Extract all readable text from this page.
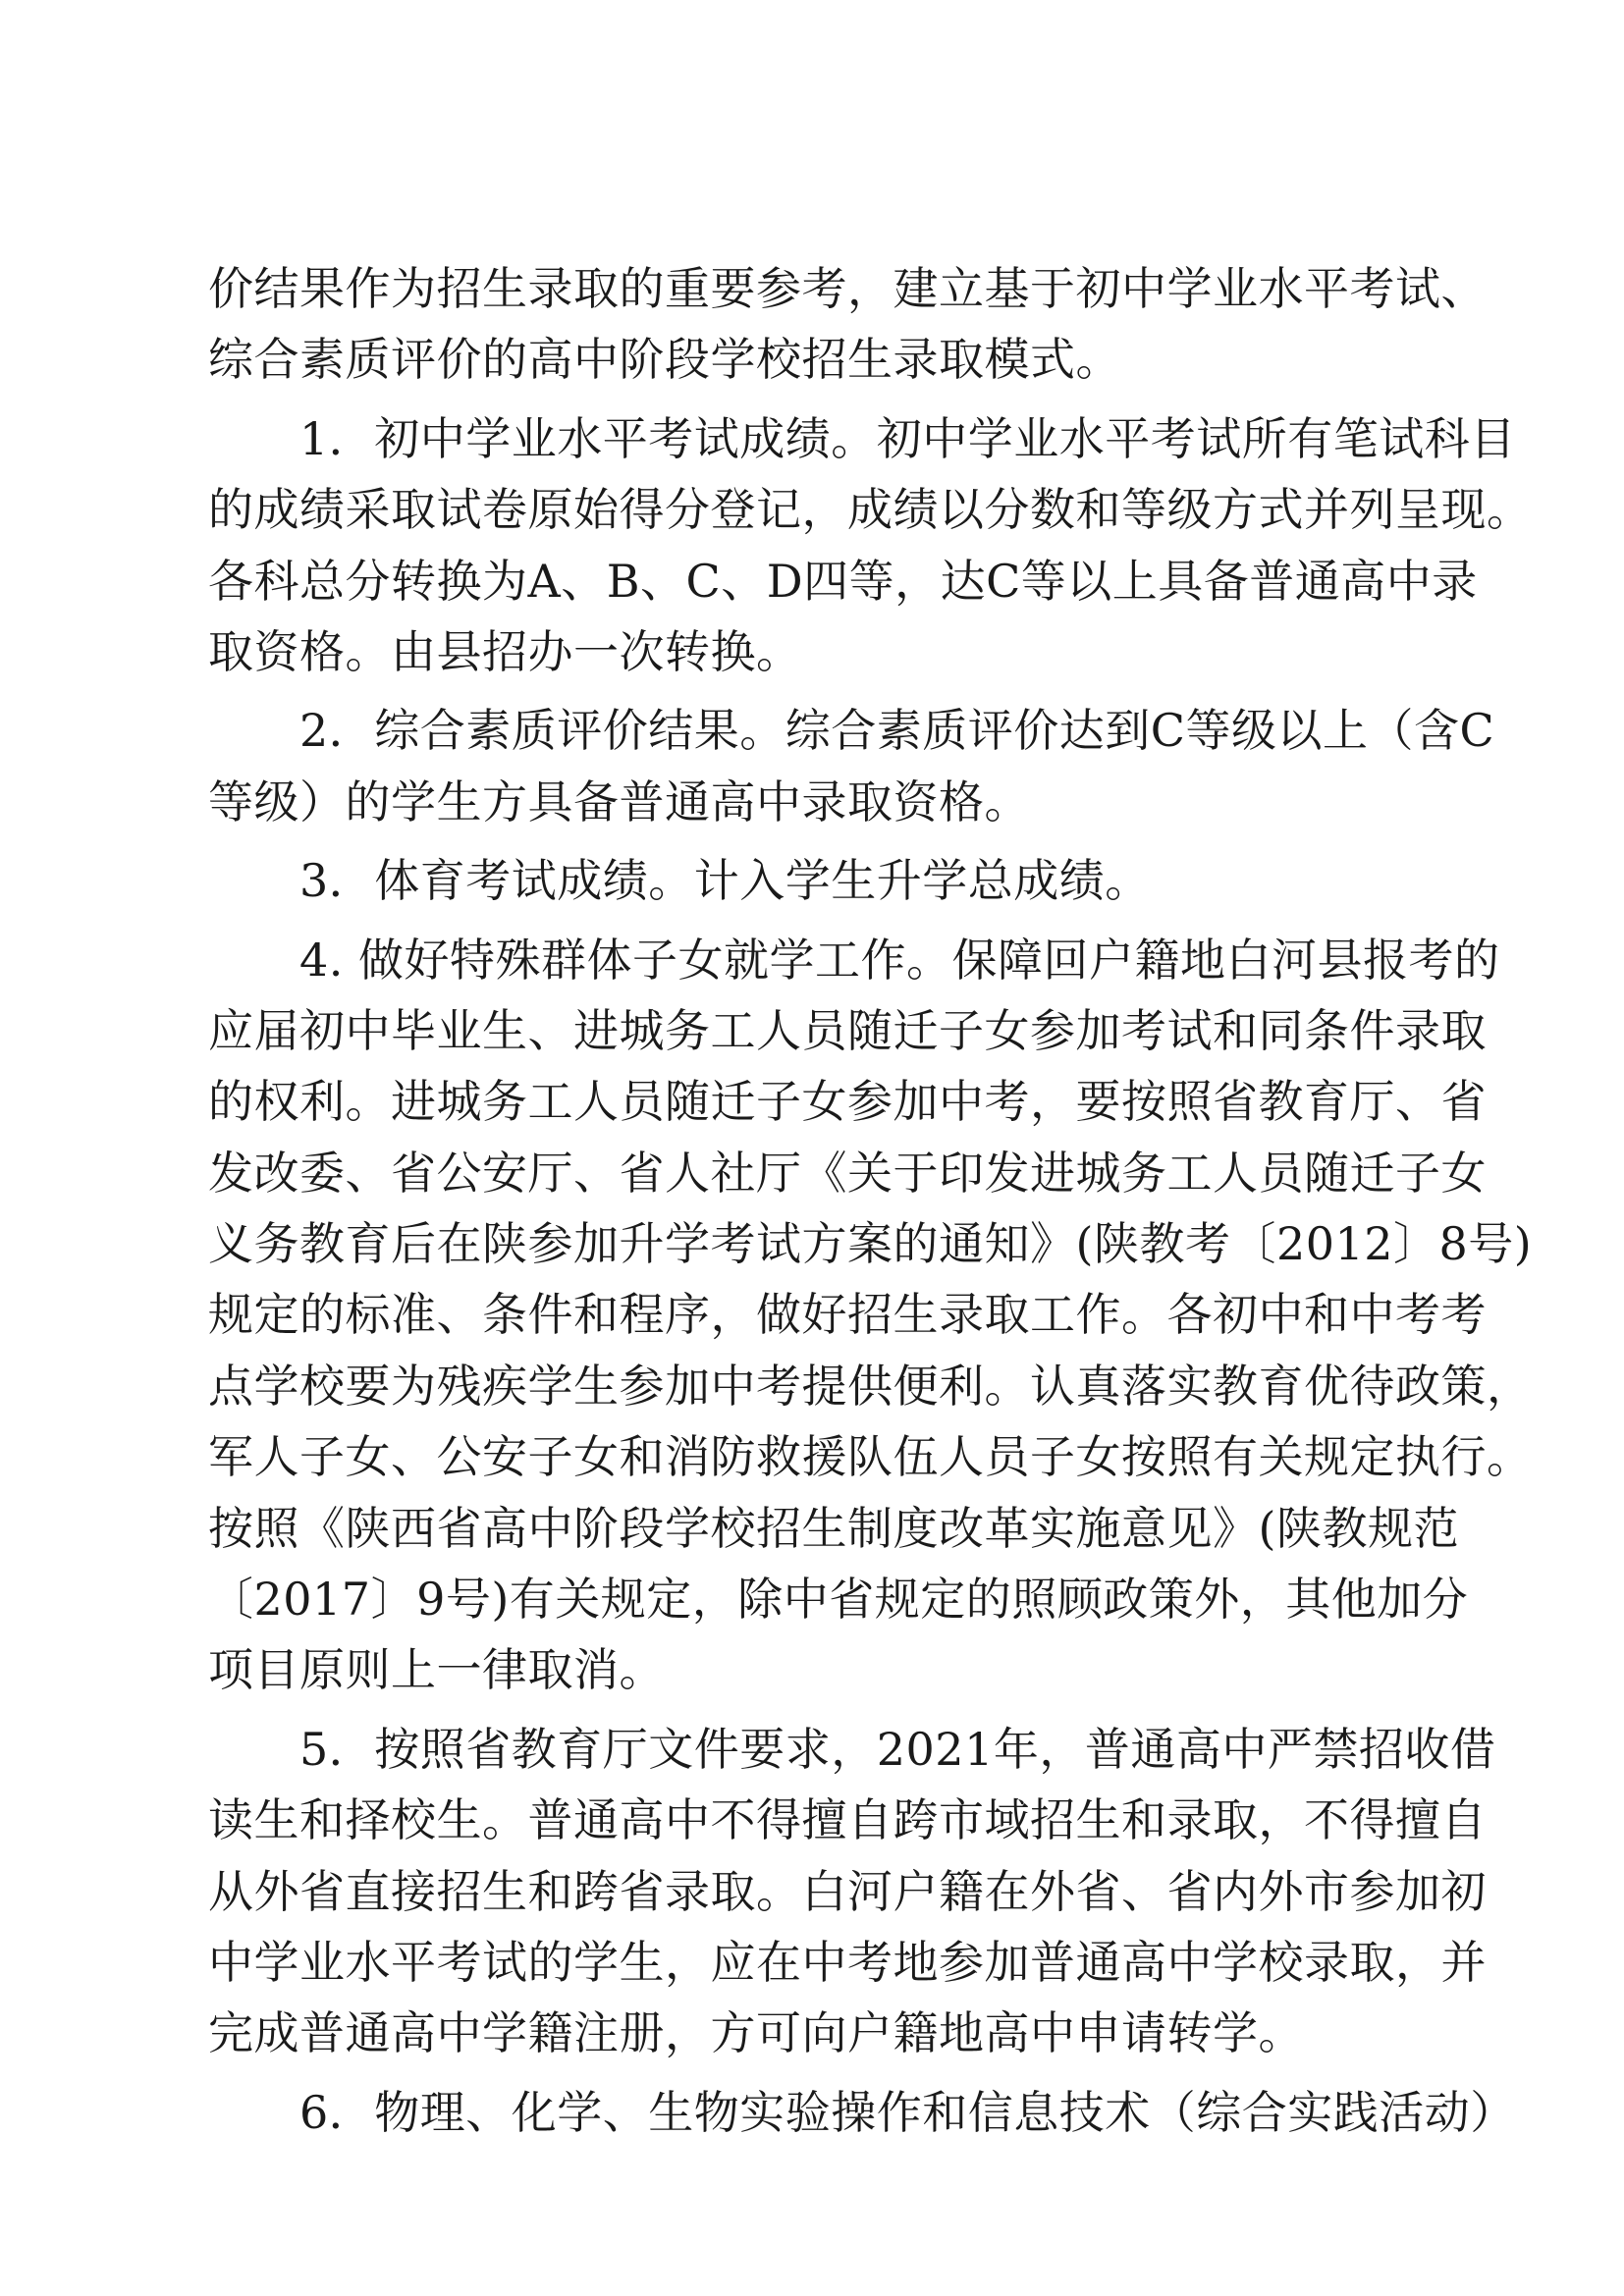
价结果作为招生录取的重要参考，建立基于初中学业水平考试、
综合素质评价的高中阶段学校招生录取模式。
　　1．初中学业水平考试成绩。初中学业水平考试所有笔试科目
的成绩采取试卷原始得分登记，成绩以分数和等级方式并列呈现。
各科总分转换为A、B、C、D四等，达C等以上具备普通高中录
取资格。由县招办一次转换。
　　2．综合素质评价结果。综合素质评价达到C等级以上（含C
等级）的学生方具备普通高中录取资格。
　　3．体育考试成绩。计入学生升学总成绩。
　　4. 做好特殊群体子女就学工作。保障回户籍地白河县报考的
应届初中毕业生、进城务工人员随迁子女参加考试和同条件录取
的权利。进城务工人员随迁子女参加中考，要按照省教育厅、省
发改委、省公安厅、省人社厅《关于印发进城务工人员随迁子女
义务教育后在陕参加升学考试方案的通知》(陕教考〔2012〕8号)
规定的标准、条件和程序，做好招生录取工作。各初中和中考考
点学校要为残疾学生参加中考提供便利。认真落实教育优待政策，
军人子女、公安子女和消防救援队伍人员子女按照有关规定执行。
按照《陕西省高中阶段学校招生制度改革实施意见》(陕教规范
〔2017〕9号)有关规定，除中省规定的照顾政策外，其他加分
项目原则上一律取消。
　　5．按照省教育厅文件要求，2021年，普通高中严禁招收借
读生和择校生。普通高中不得擅自跨市域招生和录取，不得擅自
从外省直接招生和跨省录取。白河户籍在外省、省内外市参加初
中学业水平考试的学生，应在中考地参加普通高中学校录取，并
完成普通高中学籍注册，方可向户籍地高中申请转学。
　　6．物理、化学、生物实验操作和信息技术（综合实践活动）
